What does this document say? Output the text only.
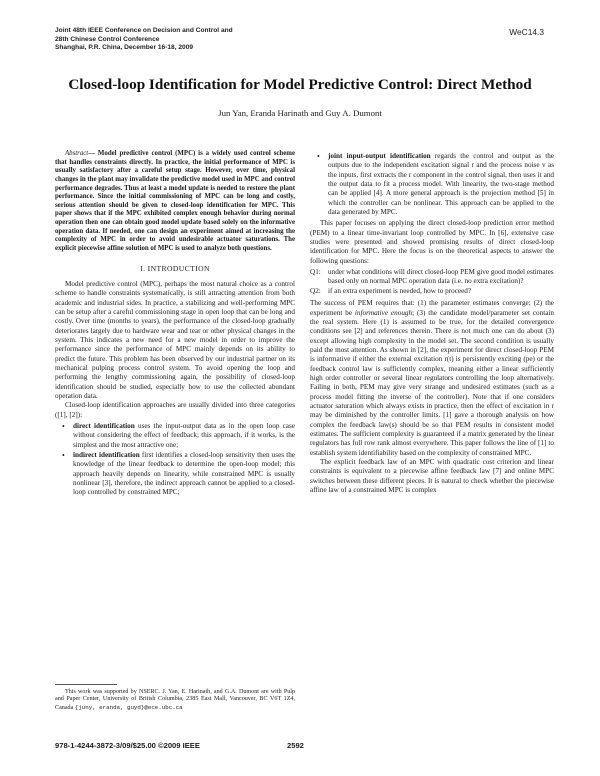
Joint 48th IEEE Conference on Decision and Control and
28th Chinese Control Conference
Shanghai, P.R. China, December 16-18, 2009
WeC14.3
Closed-loop Identification for Model Predictive Control: Direct Method
Jun Yan, Eranda Harinath and Guy A. Dumont

Abstract— Model predictive control (MPC) is a widely used control scheme that handles constraints directly. In practice, the initial performance of MPC is usually satisfactory after a careful setup stage. However, over time, physical changes in the plant may invalidate the predictive model used in MPC and control performance degrades. Thus at least a model update is needed to restore the plant performance. Since the initial commissioning of MPC can be long and costly, serious attention should be given to closed-loop identification for MPC. This paper shows that if the MPC exhibited complex enough behavior during normal operation then one can obtain good model update based solely on the informative operation data. If needed, one can design an experiment aimed at increasing the complexity of MPC in order to avoid undesirable actuator saturations. The explicit piecewise affine solution of MPC is used to analyze both questions.

I. INTRODUCTION

Model predictive control (MPC), perhaps the most natural choice as a control scheme to handle constraints systematically, is still attracting attention from both academic and industrial sides. In practice, a stabilizing and well-performing MPC can be setup after a careful commissioning stage in open loop that can be long and costly. Over time (months to years), the performance of the closed-loop gradually deteriorates largely due to hardware wear and tear or other physical changes in the system. This indicates a new need for a new model in order to improve the performance since the performance of MPC mainly depends on its ability to predict the future. This problem has been observed by our industrial partner on its mechanical pulping process control system. To avoid opening the loop and performing the lengthy commissioning again, the possibility of closed-loop identification should be studied, especially how to use the collected abundant operation data.

Closed-loop identification approaches are usually divided into three categories ([1], [2]):

• direct identification uses the input-output data as in the open loop case without considering the effect of feedback; this approach, if it works, is the simplest and the most attractive one;
• indirect identification first identifies a closed-loop sensitivity then uses the knowledge of the linear feedback to determine the open-loop model; this approach heavily depends on linearity, while constrained MPC is usually nonlinear [3], therefore, the indirect approach cannot be applied to a closed-loop controlled by constrained MPC;
This work was supported by NSERC. J. Yan, E. Harinath, and G.A. Dumont are with Pulp and Paper Center, University of British Columbia, 2385 East Mall, Vancouver, BC V6T 1Z4, Canada {juny, eranda, guyd}@ece.ubc.ca
• joint input-output identification regards the control and output as the outputs due to the independent excitation signal r and the process noise v as the inputs, first extracts the r component in the control signal, then uses it and the output data to fit a process model. With linearity, the two-stage method can be applied [4]. A more general approach is the projection method [5] in which the controller can be nonlinear. This approach can be applied to the data generated by MPC.

This paper focuses on applying the direct closed-loop prediction error method (PEM) to a linear time-invariant loop controlled by MPC. In [6], extensive case studies were presented and showed promising results of direct closed-loop identification for MPC. Here the focus is on the theoretical aspects to answer the following questions:

Q1: under what conditions will direct closed-loop PEM give good model estimates based only on normal MPC operation data (i.e. no extra excitation)?
Q2: if an extra experiment is needed, how to proceed?

The success of PEM requires that: (1) the parameter estimates converge; (2) the experiment be informative enough; (3) the candidate model/parameter set contain the real system. Here (1) is assumed to be true, for the detailed convergence conditions see [2] and references therein. There is not much one can do about (3) except allowing high complexity in the model set. The second condition is usually paid the most attention. As shown in [2], the experiment for direct closed-loop PEM is informative if either the external excitation r(t) is persistently exciting (pe) or the feedback control law is sufficiently complex, meaning either a linear sufficiently high order controller or several linear regulators controlling the loop alternatively. Failing in both, PEM may give very strange and undesired estimates (such as a process model fitting the inverse of the controller). Note that if one considers actuator saturation which always exists in practice, then the effect of excitation in r may be diminished by the controller limits. [1] gave a thorough analysis on how complex the feedback law(s) should be so that PEM results in consistent model estimates. The sufficient complexity is guaranteed if a matrix generated by the linear regulators has full row rank almost everywhere. This paper follows the line of [1] to establish system identifiability based on the complexity of constrained MPC.

The explicit feedback law of an MPC with quadratic cost criterion and linear constraints is equivalent to a piecewise affine feedback law [7] and online MPC switches between these different pieces. It is natural to check whether the piecewise affine law of a constrained MPC is complex

978-1-4244-3872-3/09/$25.00 ©2009 IEEE	2592
